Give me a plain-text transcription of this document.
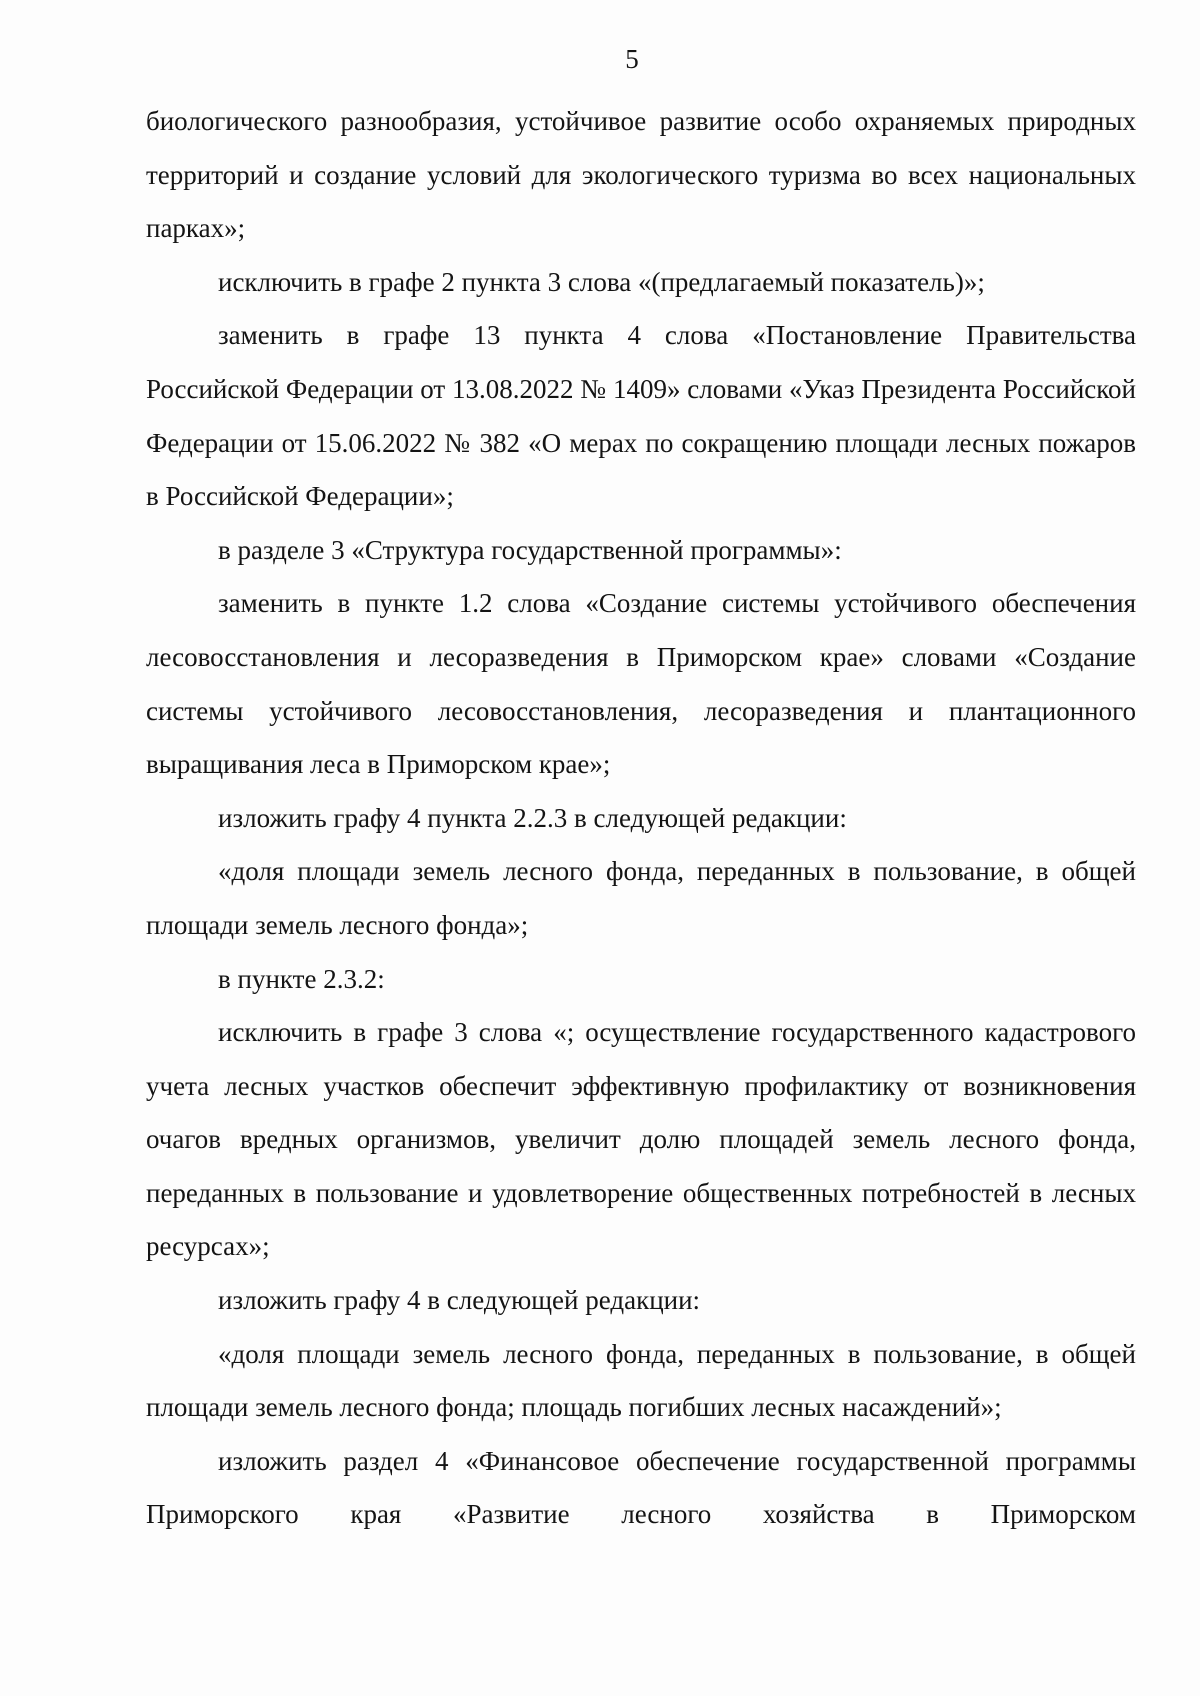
5

биологического разнообразия, устойчивое развитие особо охраняемых природных территорий и создание условий для экологического туризма во всех национальных парках»;

исключить в графе 2 пункта 3 слова «(предлагаемый показатель)»;

заменить в графе 13 пункта 4 слова «Постановление Правительства Российской Федерации от 13.08.2022 № 1409» словами «Указ Президента Российской Федерации от 15.06.2022 № 382 «О мерах по сокращению площади лесных пожаров в Российской Федерации»;

в разделе 3 «Структура государственной программы»:

заменить в пункте 1.2 слова «Создание системы устойчивого обеспечения лесовосстановления и лесоразведения в Приморском крае» словами «Создание системы устойчивого лесовосстановления, лесоразведения и плантационного выращивания леса в Приморском крае»;

изложить графу 4 пункта 2.2.3 в следующей редакции:

«доля площади земель лесного фонда, переданных в пользование, в общей площади земель лесного фонда»;

в пункте 2.3.2:

исключить в графе 3 слова «; осуществление государственного кадастрового учета лесных участков обеспечит эффективную профилактику от возникновения очагов вредных организмов, увеличит долю площадей земель лесного фонда, переданных в пользование и удовлетворение общественных потребностей в лесных ресурсах»;

изложить графу 4 в следующей редакции:

«доля площади земель лесного фонда, переданных в пользование, в общей площади земель лесного фонда; площадь погибших лесных насаждений»;

изложить раздел 4 «Финансовое обеспечение государственной программы Приморского края «Развитие лесного хозяйства в Приморском
